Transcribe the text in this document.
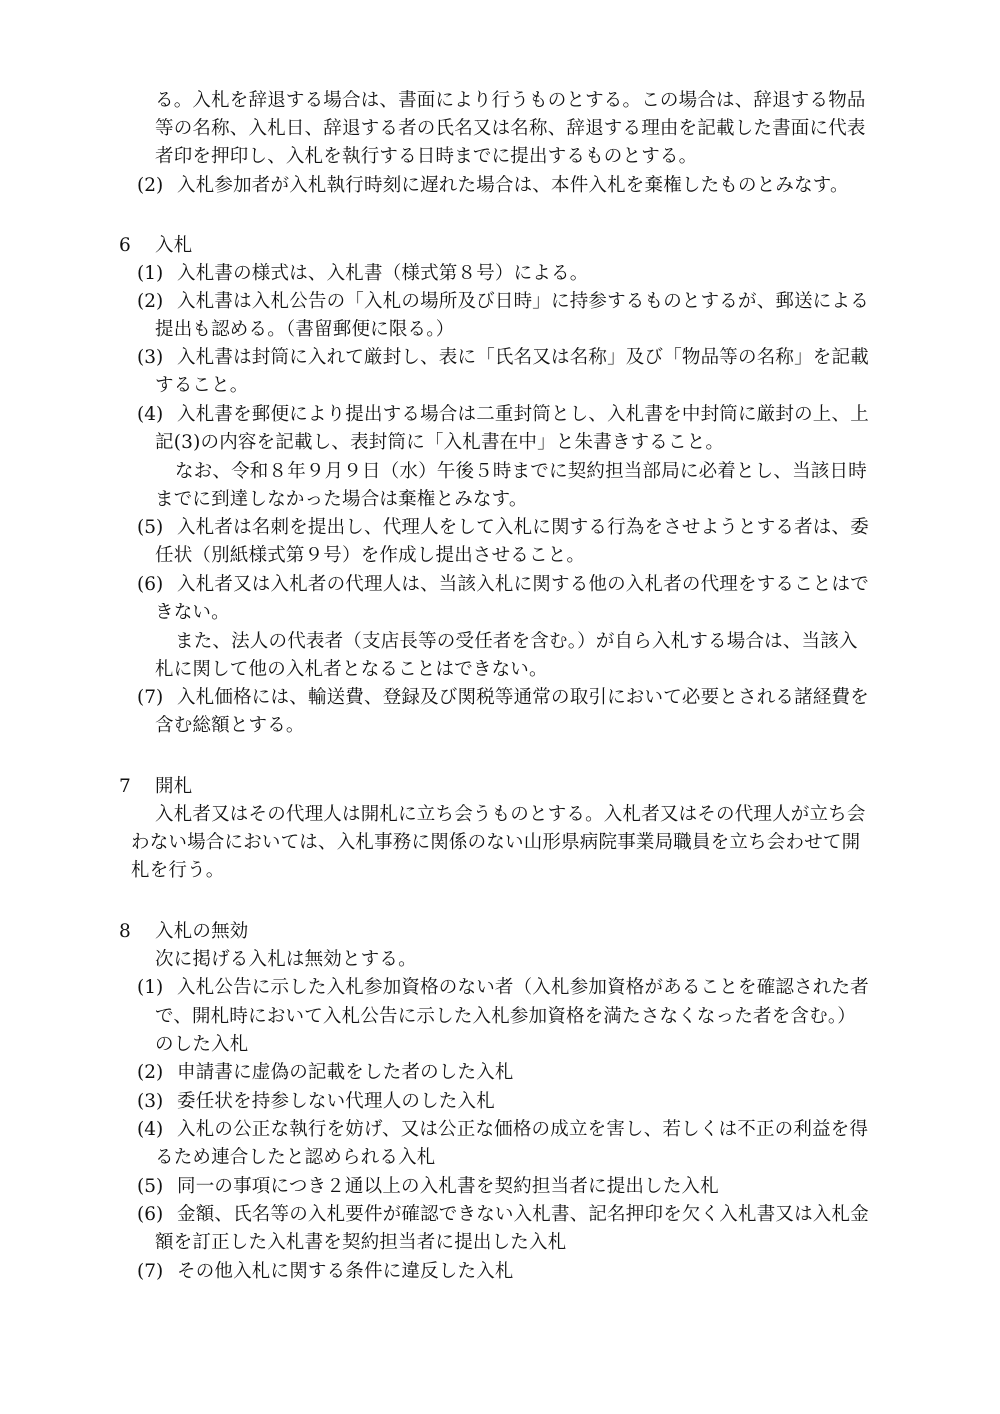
る。入札を辞退する場合は、書面により行うものとする。この場合は、辞退する物品
等の名称、入札日、辞退する者の氏名又は名称、辞退する理由を記載した書面に代表
者印を押印し、入札を執行する日時までに提出するものとする。
(2) 入札参加者が入札執行時刻に遅れた場合は、本件入札を棄権したものとみなす。
6 入札
(1) 入札書の様式は、入札書（様式第８号）による。
(2) 入札書は入札公告の「入札の場所及び日時」に持参するものとするが、郵送による
提出も認める。（書留郵便に限る。）
(3) 入札書は封筒に入れて厳封し、表に「氏名又は名称」及び「物品等の名称」を記載
すること。
(4) 入札書を郵便により提出する場合は二重封筒とし、入札書を中封筒に厳封の上、上
記(3)の内容を記載し、表封筒に「入札書在中」と朱書きすること。
なお、令和８年９月９日（水）午後５時までに契約担当部局に必着とし、当該日時
までに到達しなかった場合は棄権とみなす。
(5) 入札者は名刺を提出し、代理人をして入札に関する行為をさせようとする者は、委
任状（別紙様式第９号）を作成し提出させること。
(6) 入札者又は入札者の代理人は、当該入札に関する他の入札者の代理をすることはで
きない。
また、法人の代表者（支店長等の受任者を含む。）が自ら入札する場合は、当該入
札に関して他の入札者となることはできない。
(7) 入札価格には、輸送費、登録及び関税等通常の取引において必要とされる諸経費を
含む総額とする。
7 開札
入札者又はその代理人は開札に立ち会うものとする。入札者又はその代理人が立ち会
わない場合においては、入札事務に関係のない山形県病院事業局職員を立ち会わせて開
札を行う。
8 入札の無効
次に掲げる入札は無効とする。
(1) 入札公告に示した入札参加資格のない者（入札参加資格があることを確認された者
で、開札時において入札公告に示した入札参加資格を満たさなくなった者を含む。）
のした入札
(2) 申請書に虚偽の記載をした者のした入札
(3) 委任状を持参しない代理人のした入札
(4) 入札の公正な執行を妨げ、又は公正な価格の成立を害し、若しくは不正の利益を得
るため連合したと認められる入札
(5) 同一の事項につき２通以上の入札書を契約担当者に提出した入札
(6) 金額、氏名等の入札要件が確認できない入札書、記名押印を欠く入札書又は入札金
額を訂正した入札書を契約担当者に提出した入札
(7) その他入札に関する条件に違反した入札
